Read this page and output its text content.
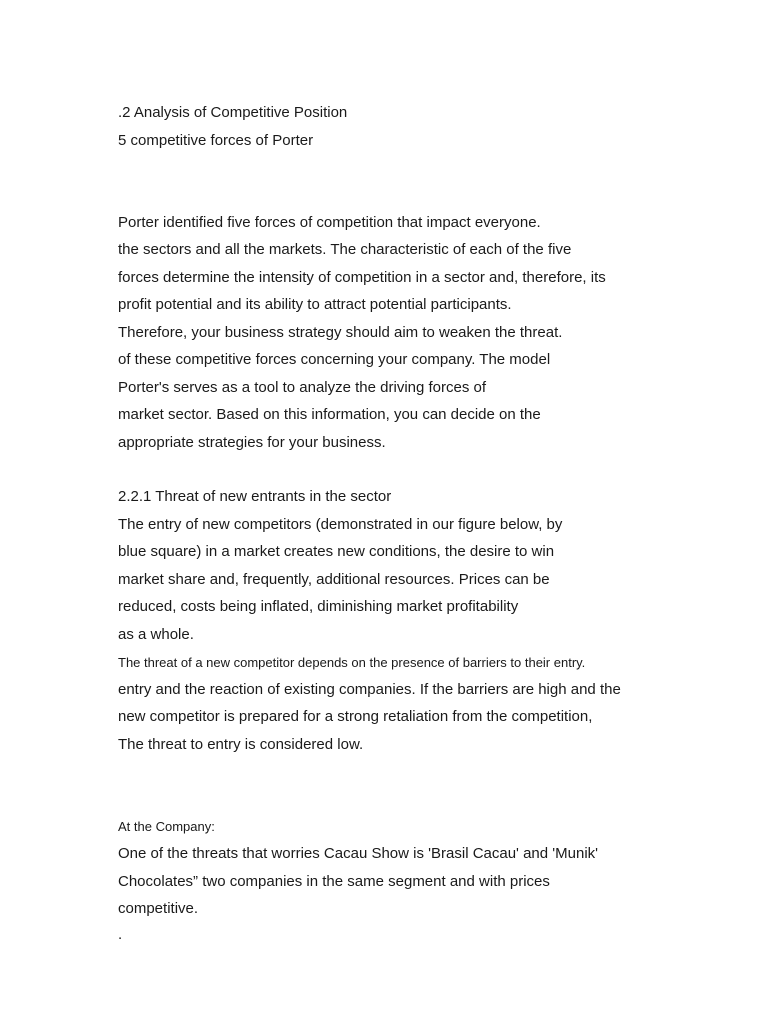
.2 Analysis of Competitive Position
5 competitive forces of Porter
Porter identified five forces of competition that impact everyone.
the sectors and all the markets. The characteristic of each of the five
forces determine the intensity of competition in a sector and, therefore, its
profit potential and its ability to attract potential participants.
Therefore, your business strategy should aim to weaken the threat.
of these competitive forces concerning your company. The model
Porter's serves as a tool to analyze the driving forces of
market sector. Based on this information, you can decide on the
appropriate strategies for your business.
2.2.1 Threat of new entrants in the sector
The entry of new competitors (demonstrated in our figure below, by
blue square) in a market creates new conditions, the desire to win
market share and, frequently, additional resources. Prices can be
reduced, costs being inflated, diminishing market profitability
as a whole.
The threat of a new competitor depends on the presence of barriers to their entry.
entry and the reaction of existing companies. If the barriers are high and the
new competitor is prepared for a strong retaliation from the competition,
The threat to entry is considered low.
At the Company:
One of the threats that worries Cacau Show is 'Brasil Cacau' and 'Munik'
Chocolates” two companies in the same segment and with prices
competitive.
.
